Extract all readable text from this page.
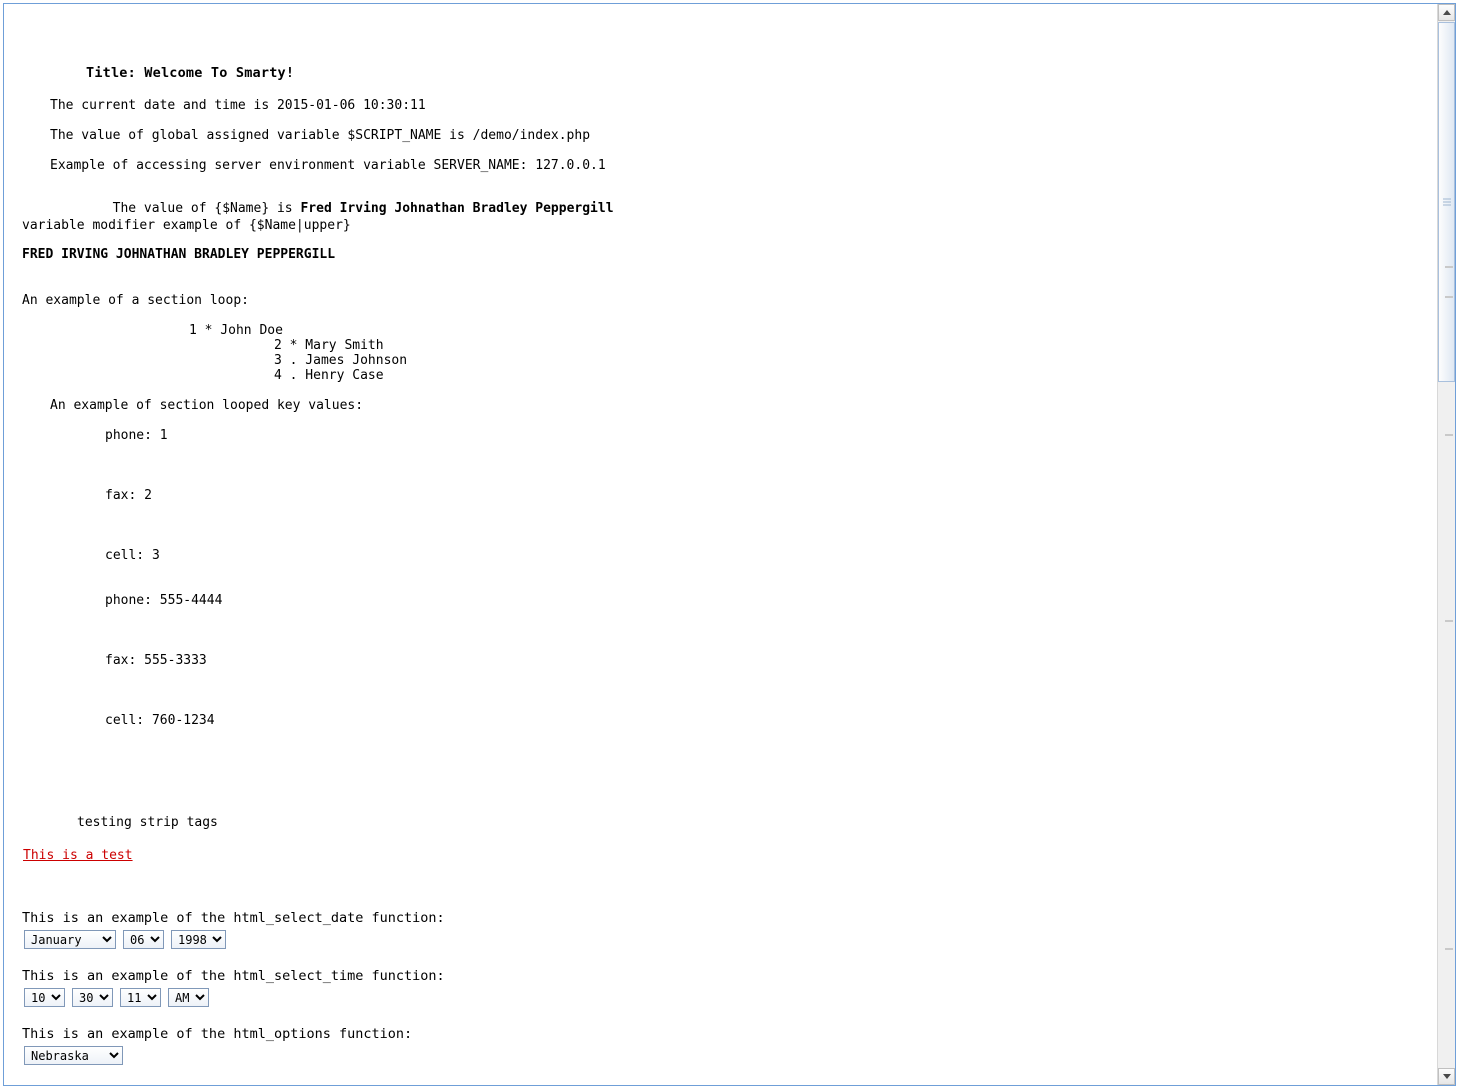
Title: Welcome To Smarty!
The current date and time is 2015-01-06 10:30:11
The value of global assigned variable $SCRIPT_NAME is /demo/index.php
Example of accessing server environment variable SERVER_NAME: 127.0.0.1

The value of {$Name} is Fred Irving Johnathan Bradley Peppergill

variable modifier example of {$Name|upper}
FRED IRVING JOHNATHAN BRADLEY PEPPERGILL
An example of a section loop:
1 * John Doe
2 * Mary Smith
3 . James Johnson
4 . Henry Case
An example of section looped key values:
phone: 1
fax: 2
cell: 3
phone: 555-4444
fax: 555-3333
cell: 760-1234
testing strip tags
This is a test
This is an example of the html_select_date function:
January
06
1998
This is an example of the html_select_time function:
10
30
11
AM
This is an example of the html_options function:
Nebraska
